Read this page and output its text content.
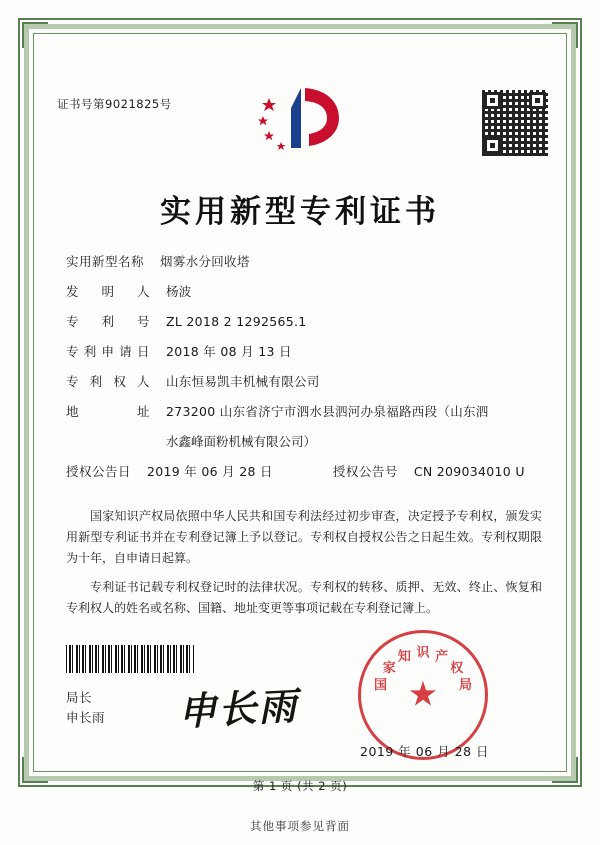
证书号第9021825号
实用新型专利证书
实用新型名称 烟雾水分回收塔
发 明 人 杨波
专 利 号 ZL 2018 2 1292565.1
专利申请日 2018 年 08 月 13 日
专 利 权 人 山东恒易凯丰机械有限公司
地 址 273200 山东省济宁市泗水县泗河办泉福路西段（山东泗
水鑫峰面粉机械有限公司）
授权公告日 2019 年 06 月 28 日	授权公告号 CN 209034010 U

国家知识产权局依照中华人民共和国专利法经过初步审查，决定授予专利权，颁发实用新型专利证书并在专利登记簿上予以登记。专利权自授权公告之日起生效。专利权期限为十年，自申请日起算。

专利证书记载专利权登记时的法律状况。专利权的转移、质押、无效、终止、恢复和专利权人的姓名或名称、国籍、地址变更等事项记载在专利登记簿上。

局长
申长雨 申长雨	国
家
知 识 产
权
局
★
2019 年 06 月 28 日
第 1 页 (共 2 页)
其他事项参见背面
